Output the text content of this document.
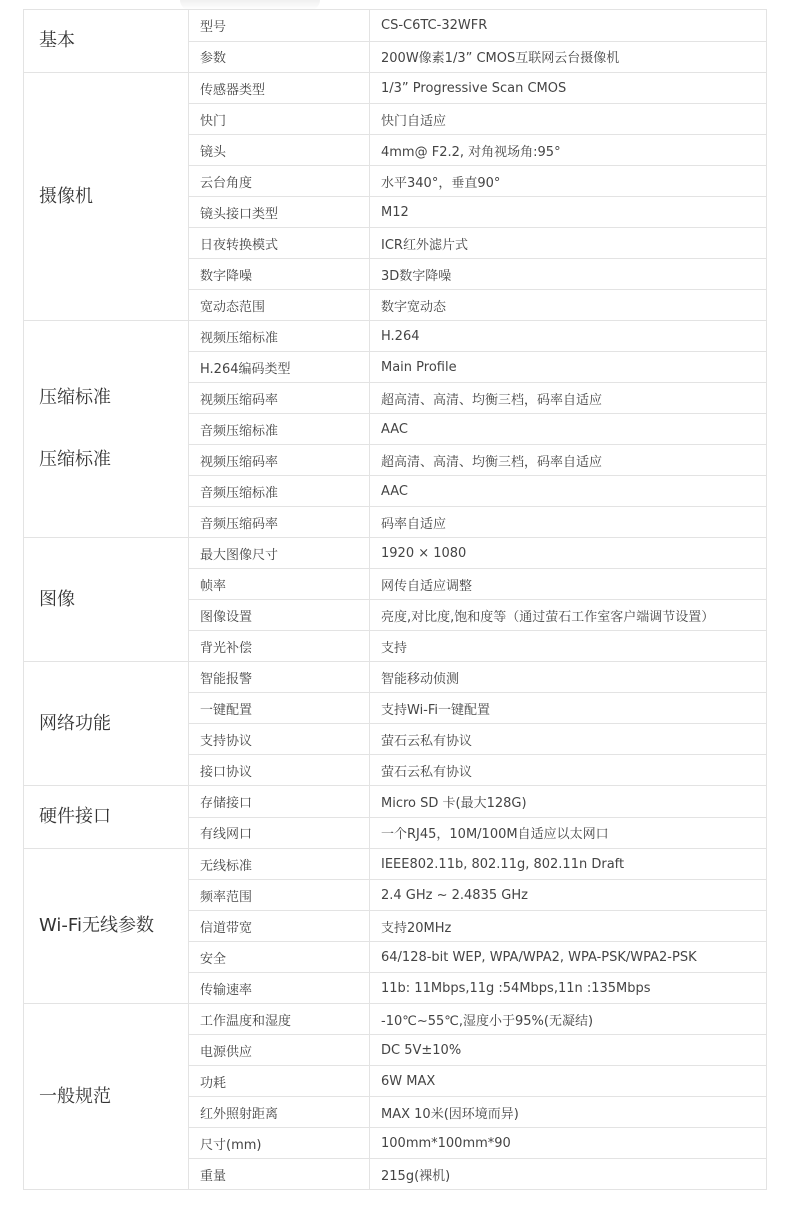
基本	型号	CS-C6TC-32WFR
	参数	200W像素1/3” CMOS互联网云台摄像机

摄像机	传感器类型	1/3” Progressive Scan CMOS
	快门	快门自适应
	镜头	4mm@ F2.2, 对角视场角:95°
	云台角度	水平340°，垂直90°
	镜头接口类型	M12
	日夜转换模式	ICR红外滤片式
	数字降噪	3D数字降噪
	宽动态范围	数字宽动态

压缩标准
压缩标准	视频压缩标准	H.264
	H.264编码类型	Main Profile
	视频压缩码率	超高清、高清、均衡三档，码率自适应
	音频压缩标准	AAC
	视频压缩码率	超高清、高清、均衡三档，码率自适应
	音频压缩标准	AAC
	音频压缩码率	码率自适应

图像	最大图像尺寸	1920 × 1080
	帧率	网传自适应调整
	图像设置	亮度,对比度,饱和度等（通过萤石工作室客户端调节设置）
	背光补偿	支持

网络功能	智能报警	智能移动侦测
	一键配置	支持Wi-Fi一键配置
	支持协议	萤石云私有协议
	接口协议	萤石云私有协议

硬件接口	存储接口	Micro SD 卡(最大128G)
	有线网口	一个RJ45，10M/100M自适应以太网口

Wi-Fi无线参数	无线标准	IEEE802.11b, 802.11g, 802.11n Draft
	频率范围	2.4 GHz ~ 2.4835 GHz
	信道带宽	支持20MHz
	安全	64/128-bit WEP, WPA/WPA2, WPA-PSK/WPA2-PSK
	传输速率	11b: 11Mbps,11g :54Mbps,11n :135Mbps

一般规范	工作温度和湿度	-10℃~55℃,湿度小于95%(无凝结)
	电源供应	DC 5V±10%
	功耗	6W MAX
	红外照射距离	MAX 10米(因环境而异)
	尺寸(mm)	100mm*100mm*90
	重量	215g(裸机)
